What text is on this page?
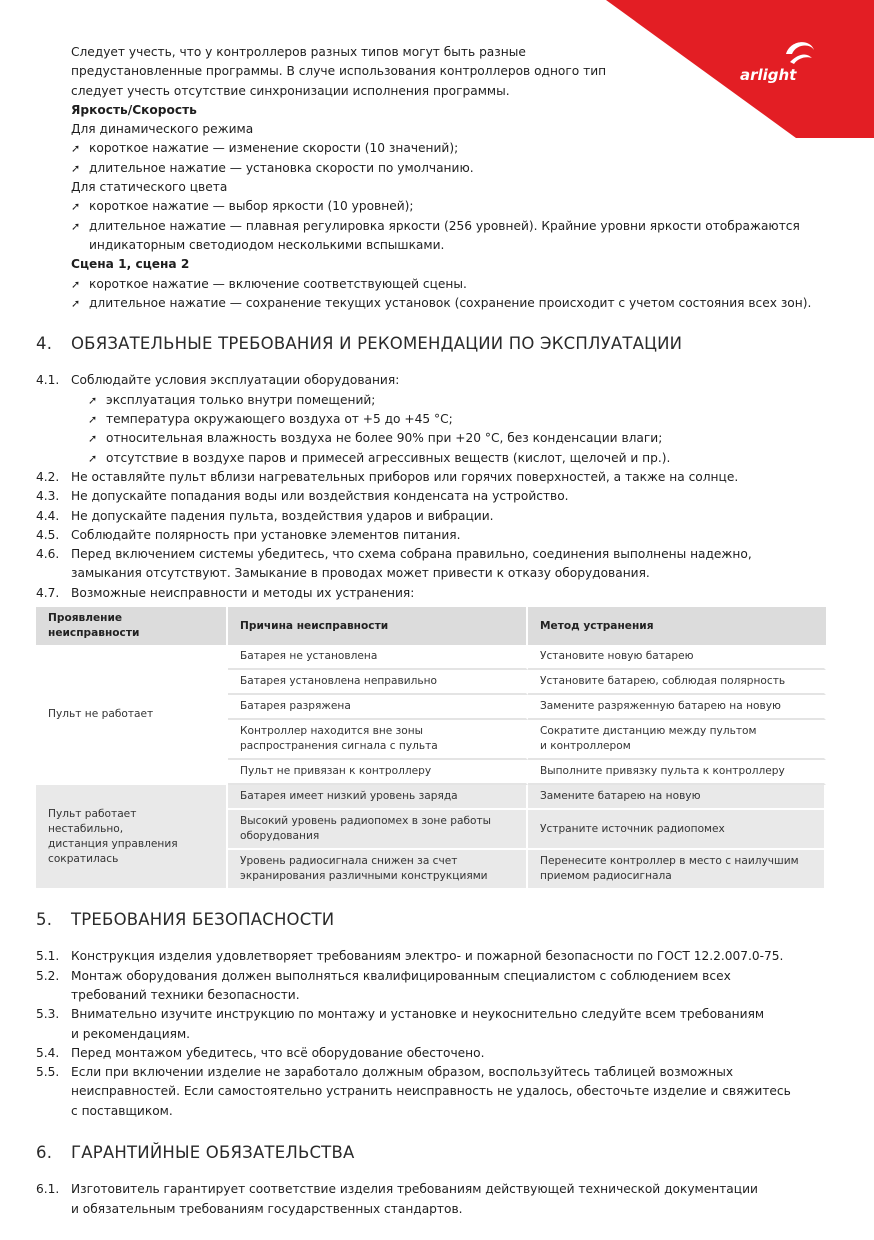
arlight
Следует учесть, что у контроллеров разных типов могут быть разные
предустановленные программы. В случе использования контроллеров одного тип
следует учесть отсутствие синхронизации исполнения программы.
Яркость/Скорость
Для динамического режима
➚ короткое нажатие — изменение скорости (10 значений);
➚ длительное нажатие — установка скорости по умолчанию.
Для статического цвета
➚ короткое нажатие — выбор яркости (10 уровней);
➚ длительное нажатие — плавная регулировка яркости (256 уровней). Крайние уровни яркости отображаются
индикаторным светодиодом несколькими вспышками.
Сцена 1, сцена 2
➚ короткое нажатие — включение соответствующей сцены.
➚ длительное нажатие — сохранение текущих установок (сохранение происходит с учетом состояния всех зон).
4.	ОБЯЗАТЕЛЬНЫЕ ТРЕБОВАНИЯ И РЕКОМЕНДАЦИИ ПО ЭКСПЛУАТАЦИИ
4.1. Соблюдайте условия эксплуатации оборудования:
➚ эксплуатация только внутри помещений;
➚ температура окружающего воздуха от +5 до +45 °C;
➚ относительная влажность воздуха не более 90% при +20 °C, без конденсации влаги;
➚ отсутствие в воздухе паров и примесей агрессивных веществ (кислот, щелочей и пр.).
4.2. Не оставляйте пульт вблизи нагревательных приборов или горячих поверхностей, а также на солнце.
4.3. Не допускайте попадания воды или воздействия конденсата на устройство.
4.4. Не допускайте падения пульта, воздействия ударов и вибрации.
4.5. Соблюдайте полярность при установке элементов питания.
4.6. Перед включением системы убедитесь, что схема собрана правильно, соединения выполнены надежно,
замыкания отсутствуют. Замыкание в проводах может привести к отказу оборудования.
4.7. Возможные неисправности и методы их устранения:
Проявление неисправности	Причина неисправности	Метод устранения
Пульт не работает	Батарея не установлена	Установите новую батарею
	Батарея установлена неправильно	Установите батарею, соблюдая полярность
	Батарея разряжена	Замените разряженную батарею на новую
	Контроллер находится вне зоны
распространения сигнала с пульта	Сократите дистанцию между пультом
и контроллером
	Пульт не привязан к контроллеру	Выполните привязку пульта к контроллеру
Пульт работает нестабильно,
дистанция управления
сократилась	Батарея имеет низкий уровень заряда	Замените батарею на новую
	Высокий уровень радиопомех в зоне работы
оборудования	Устраните источник радиопомех
	Уровень радиосигнала снижен за счет
экранирования различными конструкциями	Перенесите контроллер в место с наилучшим
приемом радиосигнала
5.	ТРЕБОВАНИЯ БЕЗОПАСНОСТИ
5.1. Конструкция изделия удовлетворяет требованиям электро- и пожарной безопасности по ГОСТ 12.2.007.0-75.
5.2. Монтаж оборудования должен выполняться квалифицированным специалистом с соблюдением всех
требований техники безопасности.
5.3. Внимательно изучите инструкцию по монтажу и установке и неукоснительно следуйте всем требованиям
и рекомендациям.
5.4. Перед монтажом убедитесь, что всё оборудование обесточено.
5.5. Если при включении изделие не заработало должным образом, воспользуйтесь таблицей возможных
неисправностей. Если самостоятельно устранить неисправность не удалось, обесточьте изделие и свяжитесь
с поставщиком.
6.	ГАРАНТИЙНЫЕ ОБЯЗАТЕЛЬСТВА
6.1. Изготовитель гарантирует соответствие изделия требованиям действующей технической документации
и обязательным требованиям государственных стандартов.
